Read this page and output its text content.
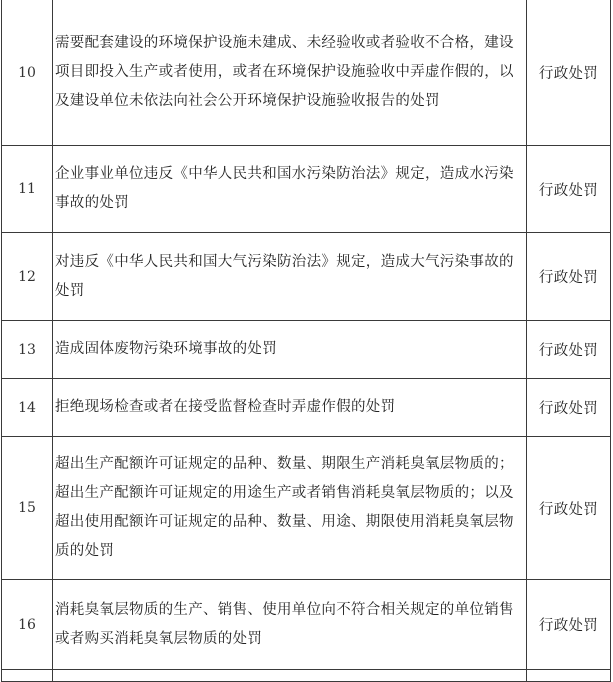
10	需要配套建设的环境保护设施未建成、未经验收或者验收不合格，建设项目即投入生产或者使用，或者在环境保护设施验收中弄虚作假的，以及建设单位未依法向社会公开环境保护设施验收报告的处罚	行政处罚
11	企业事业单位违反《中华人民共和国水污染防治法》规定，造成水污染事故的处罚	行政处罚
12	对违反《中华人民共和国大气污染防治法》规定，造成大气污染事故的处罚	行政处罚
13	造成固体废物污染环境事故的处罚	行政处罚
14	拒绝现场检查或者在接受监督检查时弄虚作假的处罚	行政处罚
15	超出生产配额许可证规定的品种、数量、期限生产消耗臭氧层物质的；超出生产配额许可证规定的用途生产或者销售消耗臭氧层物质的；以及超出使用配额许可证规定的品种、数量、用途、期限使用消耗臭氧层物质的处罚	行政处罚
16	消耗臭氧层物质的生产、销售、使用单位向不符合相关规定的单位销售或者购买消耗臭氧层物质的处罚	行政处罚
